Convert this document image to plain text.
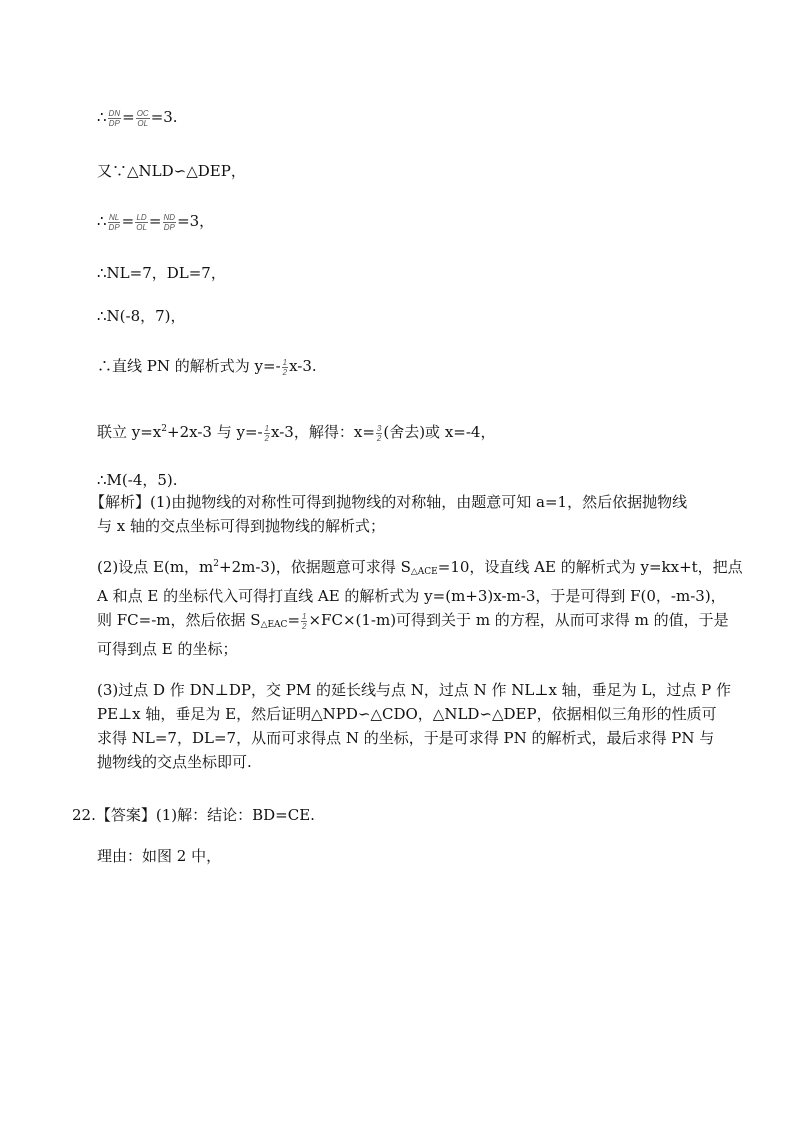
∴ $\frac{DN}{DP} = \frac{OC}{OL} =3$.
又∵△NLD∽△DEP，
∴ $\frac{NL}{DP} = \frac{LD}{OL} = \frac{ND}{DP} =3$，
∴NL=7，DL=7，
∴N(-8，7)，
∴直线 PN 的解析式为 $y=- \frac{1}{2} x-3$.
联立 $y=x^2+2x-3$ 与 $y=- \frac{1}{2} x-3$，解得：$x= \frac{3}{2}$ (舍去)或 x=-4，
∴M(-4，5).
【解析】(1)由抛物线的对称性可得到抛物线的对称轴，由题意可知 a=1，然后依据抛物线
与 x 轴的交点坐标可得到抛物线的解析式；
(2)设点 E(m，$m^2+2m-3$)，依据题意可求得 $S_{\triangle ACE}=10$，设直线 AE 的解析式为 y=kx+t，把点
A 和点 E 的坐标代入可得打直线 AE 的解析式为 y=(m+3)x-m-3，于是可得到 F(0，-m-3)，
则 FC=-m，然后依据 $S_{\triangle EAC}= \frac{1}{2} \times FC\times(1-m)$可得到关于 m 的方程，从而可求得 m 的值，于是
可得到点 E 的坐标；
(3)过点 D 作 DN⊥DP，交 PM 的延长线与点 N，过点 N 作 NL⊥x 轴，垂足为 L，过点 P 作
PE⊥x 轴，垂足为 E，然后证明△NPD∽△CDO，△NLD∽△DEP，依据相似三角形的性质可
求得 NL=7，DL=7，从而可求得点 N 的坐标，于是可求得 PN 的解析式，最后求得 PN 与
抛物线的交点坐标即可.
22.【答案】(1)解：结论：BD=CE.
理由：如图 2 中，
